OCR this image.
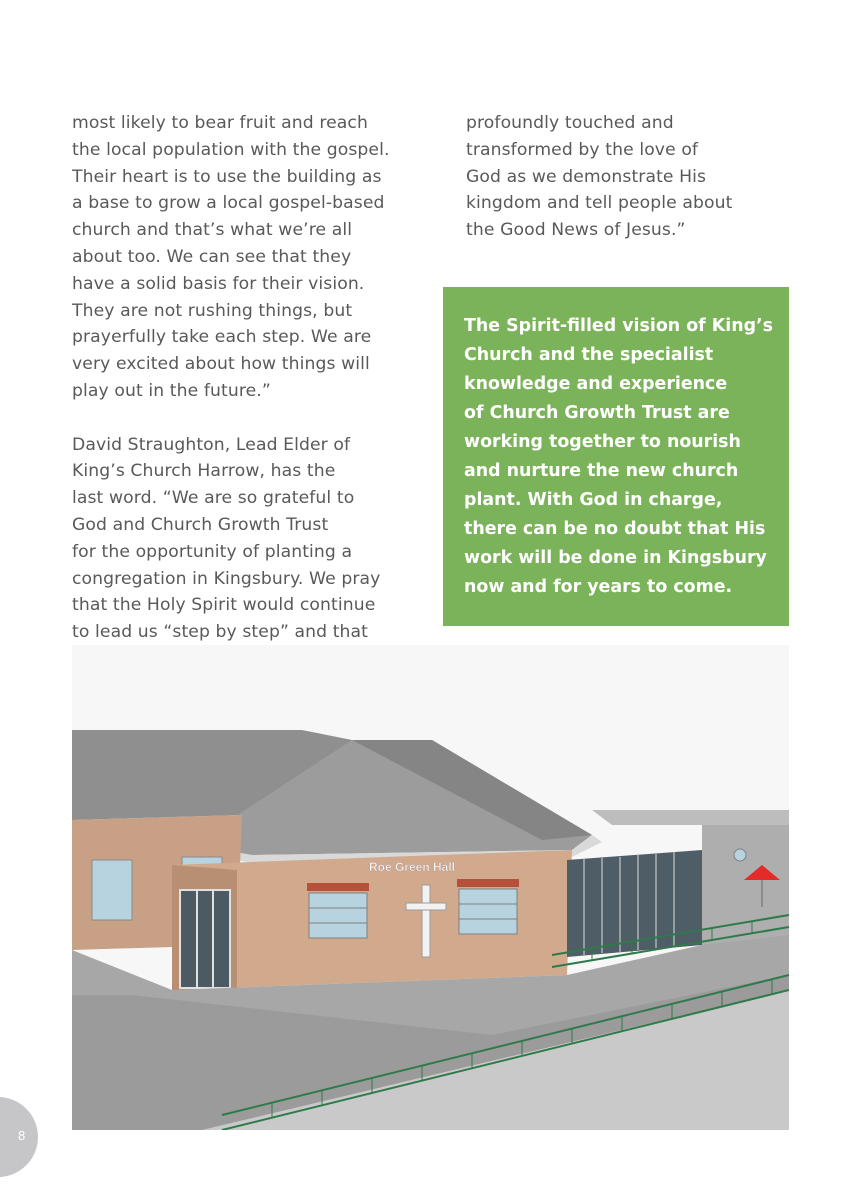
most likely to bear fruit and reach

the local population with the gospel.

Their heart is to use the building as

a base to grow a local gospel-based

church and that’s what we’re all

about too. We can see that they

have a solid basis for their vision.

They are not rushing things, but

prayerfully take each step. We are

very excited about how things will

play out in the future.”

David Straughton, Lead Elder of

King’s Church Harrow, has the

last word. “We are so grateful to

God and Church Growth Trust

for the opportunity of planting a

congregation in Kingsbury. We pray

that the Holy Spirit would continue

to lead us “step by step” and that

profoundly touched and

transformed by the love of

God as we demonstrate His

kingdom and tell people about

the Good News of Jesus.”

The Spirit-filled vision of King’s

Church and the specialist

knowledge and experience

of Church Growth Trust are

working together to nourish

and nurture the new church

plant. With God in charge,

there can be no doubt that His

work will be done in Kingsbury

now and for years to come.

Roe Green Hall
8
